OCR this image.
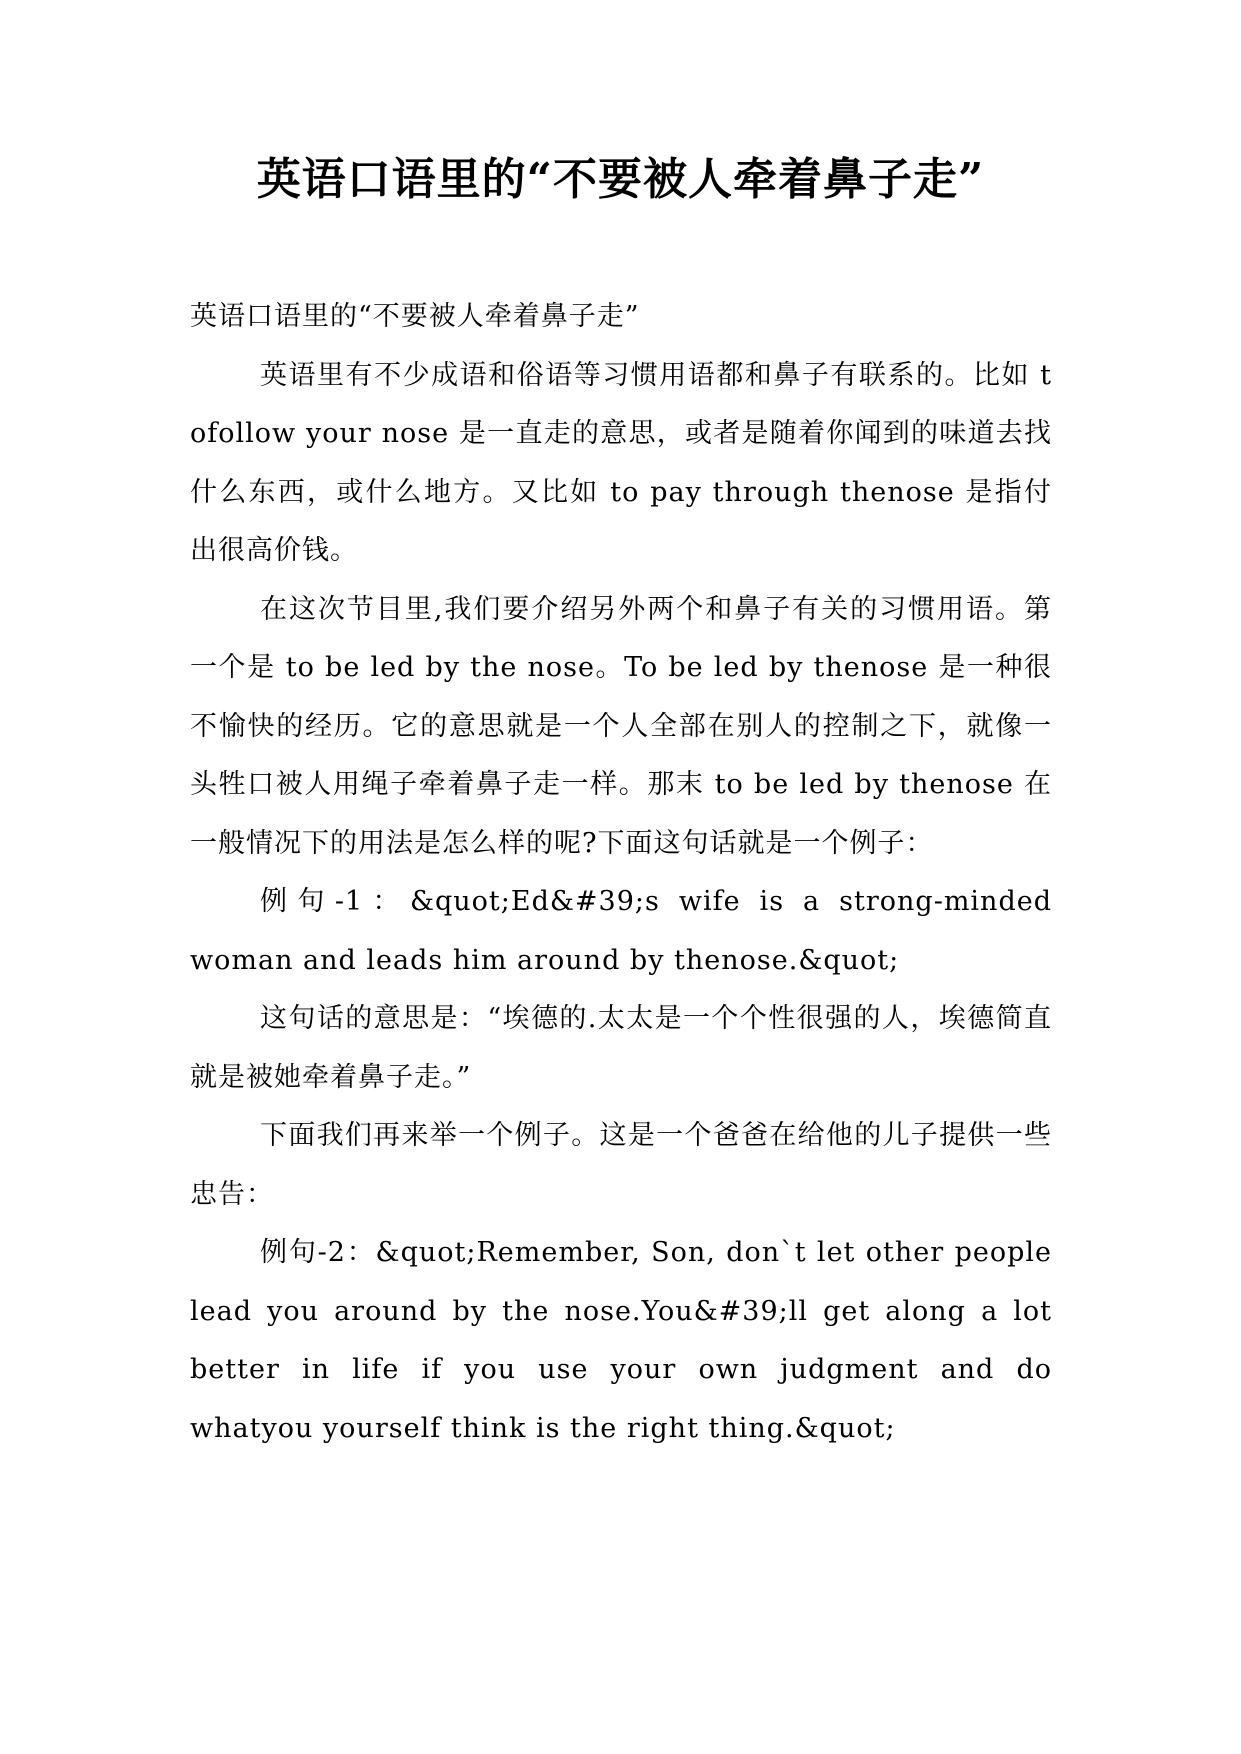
英语口语里的“不要被人牵着鼻子走”

英语口语里的“不要被人牵着鼻子走”

英语里有不少成语和俗语等习惯用语都和鼻子有联系的。比如 tofollow your nose 是一直走的意思，或者是随着你闻到的味道去找什么东西，或什么地方。又比如 to pay through thenose 是指付出很高价钱。

在这次节目里,我们要介绍另外两个和鼻子有关的习惯用语。第一个是 to be led by the nose。To be led by thenose 是一种很不愉快的经历。它的意思就是一个人全部在别人的控制之下，就像一头牲口被人用绳子牵着鼻子走一样。那末 to be led by thenose 在一般情况下的用法是怎么样的呢?下面这句话就是一个例子：

例句-1：&quot;Ed&#39;s wife is a strong-minded woman and leads him around by thenose.&quot;

这句话的意思是：“埃德的.太太是一个个性很强的人，埃德简直就是被她牵着鼻子走。”

下面我们再来举一个例子。这是一个爸爸在给他的儿子提供一些忠告：

例句-2：&quot;Remember, Son, don`t let other people lead you around by the nose.You&#39;ll get along a lot better in life if you use your own judgment and do whatyou yourself think is the right thing.&quot;
